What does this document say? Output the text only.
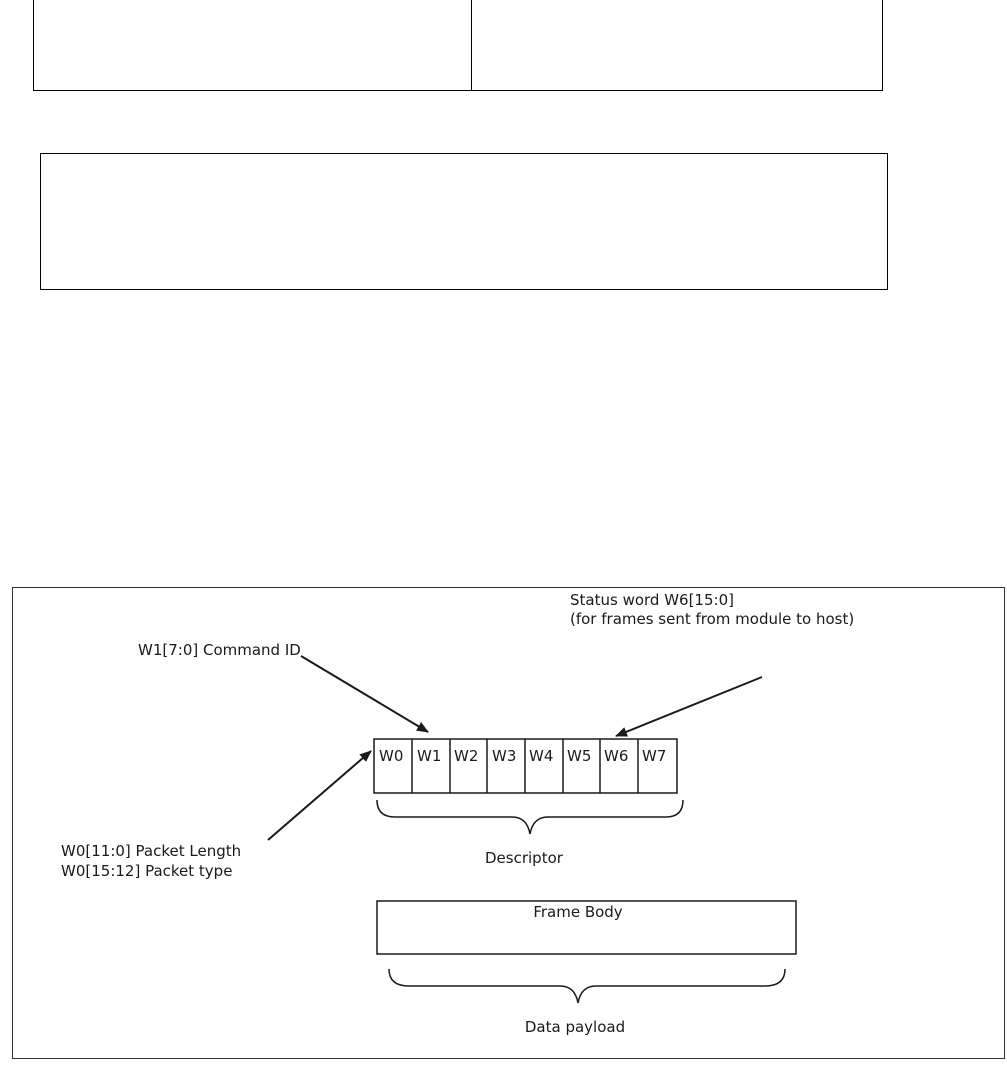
W1[7:0] Command ID
Status word W6[15:0]
(for frames sent from module to host)
W0 W1 W2 W3 W4 W5 W6 W7
Descriptor
W0[11:0] Packet Length
W0[15:12] Packet type
Frame Body
Data payload
